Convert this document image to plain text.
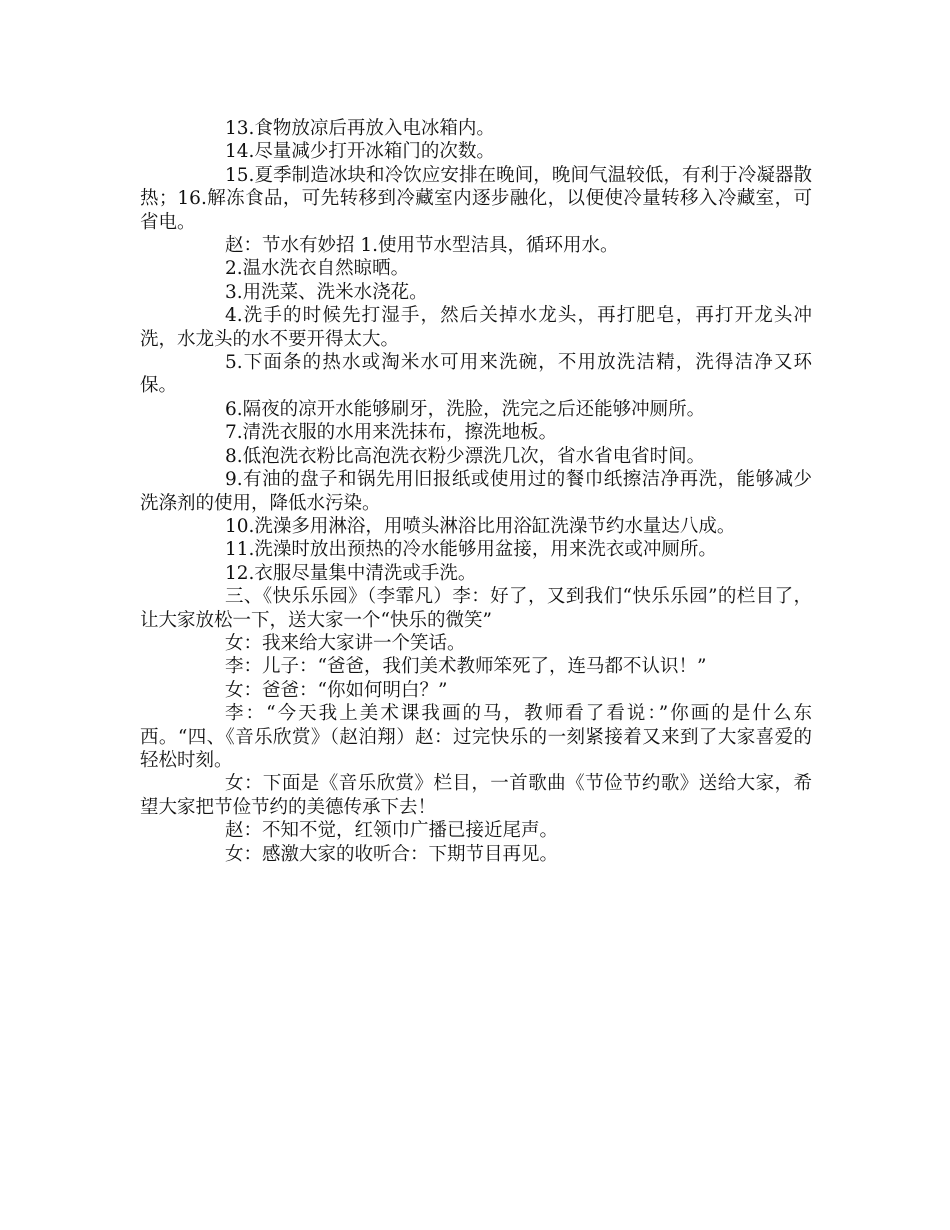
13.食物放凉后再放入电冰箱内。

14.尽量减少打开冰箱门的次数。

15.夏季制造冰块和冷饮应安排在晚间，晚间气温较低，有利于冷凝器散热；16.解冻食品，可先转移到冷藏室内逐步融化，以便使冷量转移入冷藏室，可省电。

赵：节水有妙招 1.使用节水型洁具，循环用水。

2.温水洗衣自然晾晒。

3.用洗菜、洗米水浇花。

4.洗手的时候先打湿手，然后关掉水龙头，再打肥皂，再打开龙头冲洗，水龙头的水不要开得太大。

5.下面条的热水或淘米水可用来洗碗，不用放洗洁精，洗得洁净又环保。

6.隔夜的凉开水能够刷牙，洗脸，洗完之后还能够冲厕所。

7.清洗衣服的水用来洗抹布，擦洗地板。

8.低泡洗衣粉比高泡洗衣粉少漂洗几次，省水省电省时间。

9.有油的盘子和锅先用旧报纸或使用过的餐巾纸擦洁净再洗，能够减少洗涤剂的使用，降低水污染。

10.洗澡多用淋浴，用喷头淋浴比用浴缸洗澡节约水量达八成。

11.洗澡时放出预热的冷水能够用盆接，用来洗衣或冲厕所。

12.衣服尽量集中清洗或手洗。

三、《快乐乐园》（李霏凡）李：好了，又到我们“快乐乐园”的栏目了，让大家放松一下，送大家一个“快乐的微笑”

女：我来给大家讲一个笑话。

李：儿子：“爸爸，我们美术教师笨死了，连马都不认识！”

女：爸爸：“你如何明白？”

李：“今天我上美术课我画的马，教师看了看说：”你画的是什么东西。“四、《音乐欣赏》（赵泊翔）赵：过完快乐的一刻紧接着又来到了大家喜爱的轻松时刻。

女：下面是《音乐欣赏》栏目，一首歌曲《节俭节约歌》送给大家，希望大家把节俭节约的美德传承下去！

赵：不知不觉，红领巾广播已接近尾声。

女：感激大家的收听合：下期节目再见。
